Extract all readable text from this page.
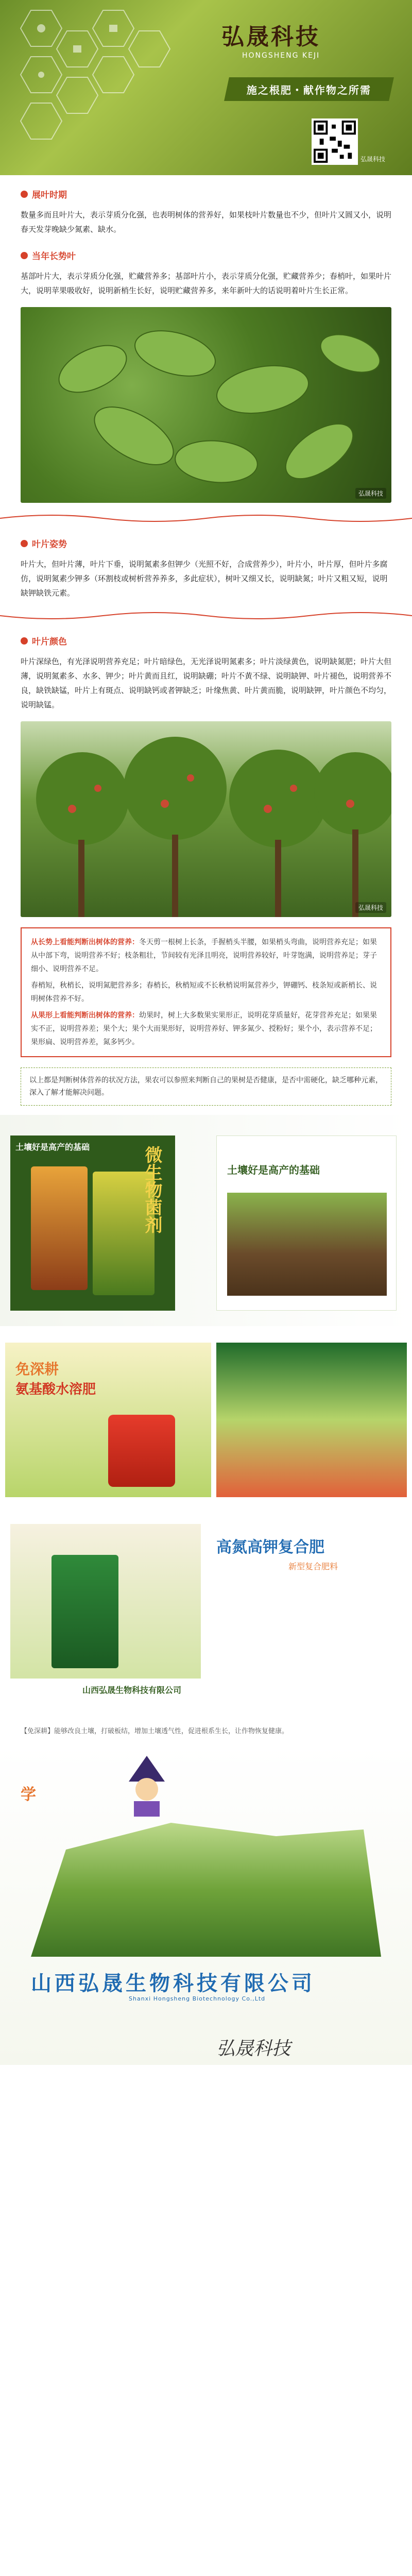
弘晟科技
HONGSHENG KEJI
施之根肥・献作物之所需
弘晟科技
展叶时期

数量多而且叶片大，表示芽质分化强，也表明树体的营养好，如果枝叶片数量也不少，但叶片又圆又小，说明春天发芽晚缺少氮素、缺水。

当年长势叶

基部叶片大，表示芽质分化强，贮藏营养多；基部叶片小，表示芽质分化强，贮藏营养少；春梢叶，如果叶片大，说明苹果吸收好，说明新梢生长好，说明贮藏营养多，来年新叶大的话说明着叶片生长正常。

弘晟科技
叶片姿势

叶片大，但叶片薄，叶片下垂，说明氮素多但钾少（光照不好，合成营养少），叶片小，叶片厚，但叶片多腐仿，说明氮素少钾多（环割枝或树析营养养多，多此症状），树叶又细又长，说明缺氮；叶片又粗又短，说明缺钾缺铁元素。

叶片颜色

叶片深绿色，有光泽说明营养充足；叶片暗绿色，无光泽说明氮素多；叶片淡绿黄色，说明缺氮肥；叶片大但薄，说明氮素多、水多、钾少；叶片黄而且红，说明缺硼；叶片不黄不绿、说明缺钾、叶片褪色，说明营养不良，缺铁缺锰，叶片上有斑点、说明缺钙或者钾缺乏；叶缘焦黄、叶片黄而脆，说明缺钾，叶片颜色不均匀，说明缺锰。

弘晟科技

从长势上看能判断出树体的营养：冬天剪一根树上长条，手握梢头半腰，如果梢头弯曲，说明营养充足；如果从中部下弯，说明营养不好；枝条粗壮，节间较有光泽且明亮，说明营养较好，叶芽饱满，说明营养足；芽子细小、说明营养不足。

春梢短，秋梢长，说明氮肥营养多；春梢长，秋梢短或不长秋梢说明氮营养少，钾硼钙、枝条短或新梢长、说明树体营养不好。

从果形上看能判断出树体的营养：幼果时，树上大多数果实果形正，说明花芽质量好，花芽营养充足；如果果实不正，说明营养差；果个大；果个大而果形好，说明营养好、钾多氮少、授粉好；果个小，表示营养不足；果形扁、说明营养差，氮多钙少。

以上都是判断树体营养的状况方法，果农可以参照来判断自己的果树是否健康，是否中需硬化，缺乏哪种元素，深入了解才能解决问题。
土壤好是高产的基础	微生物菌剂	土壤好是高产的基础
免深耕
氨基酸水溶肥
高氮高钾复合肥
新型复合肥料
山西弘晟生物科技有限公司

【免深耕】能够改良土壤，打破板结，增加土壤透气性，促进根系生长，让作物恢复健康。

学
山西弘晟生物科技有限公司
Shanxi Hongsheng Biotechnology Co.,Ltd
弘晟科技
